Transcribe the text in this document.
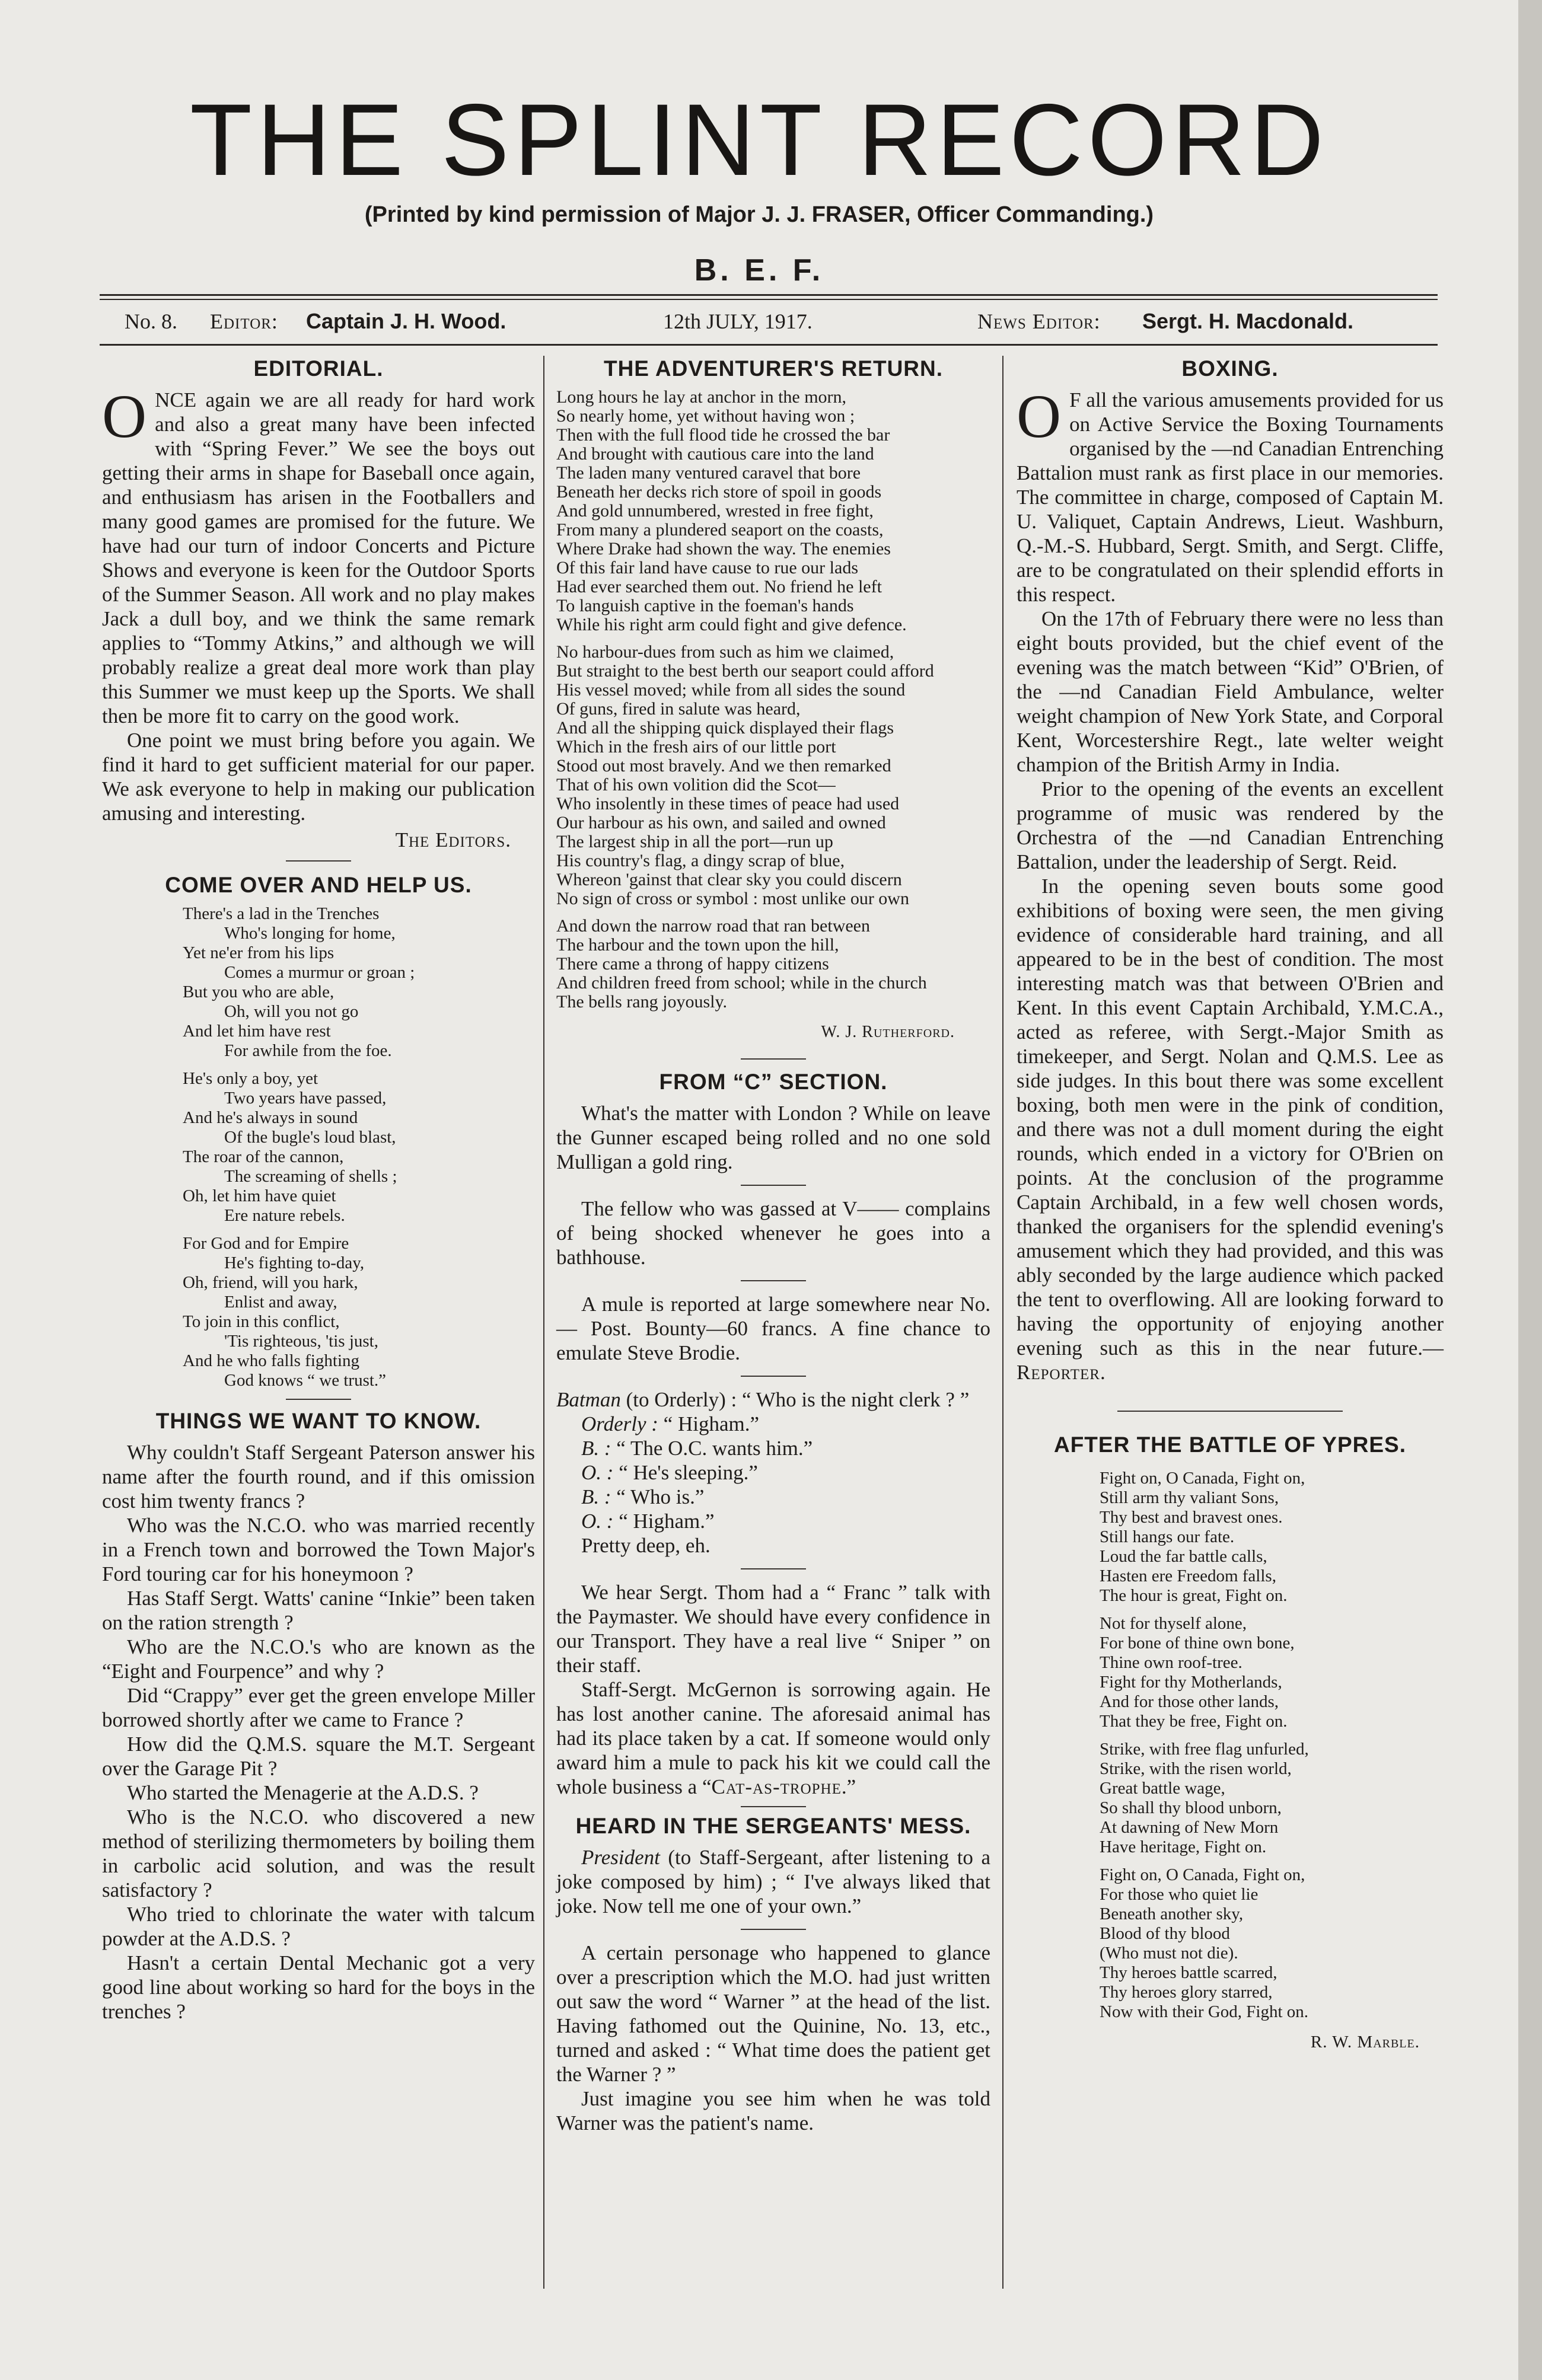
THE SPLINT RECORD
(Printed by kind permission of Major J. J. FRASER, Officer Commanding.)
B. E. F.
No. 8. Editor: Captain J. H. Wood.	12th JULY, 1917.	News Editor: Sergt. H. Macdonald.
EDITORIAL.

ONCE again we are all ready for hard work and also a great many have been infected with “Spring Fever.” We see the boys out getting their arms in shape for Baseball once again, and enthusiasm has arisen in the Footballers and many good games are promised for the future. We have had our turn of indoor Concerts and Picture Shows and everyone is keen for the Outdoor Sports of the Summer Season. All work and no play makes Jack a dull boy, and we think the same remark applies to “Tommy Atkins,” and although we will probably realize a great deal more work than play this Summer we must keep up the Sports. We shall then be more fit to carry on the good work.

One point we must bring before you again. We find it hard to get sufficient material for our paper. We ask everyone to help in making our publication amusing and interesting.

The Editors.
COME OVER AND HELP US.
There's a lad in the Trenches
Who's longing for home,
Yet ne'er from his lips
Comes a murmur or groan ;
But you who are able,
Oh, will you not go
And let him have rest
For awhile from the foe.
He's only a boy, yet
Two years have passed,
And he's always in sound
Of the bugle's loud blast,
The roar of the cannon,
The screaming of shells ;
Oh, let him have quiet
Ere nature rebels.
For God and for Empire
He's fighting to-day,
Oh, friend, will you hark,
Enlist and away,
To join in this conflict,
'Tis righteous, 'tis just,
And he who falls fighting
God knows “ we trust.”
THINGS WE WANT TO KNOW.

Why couldn't Staff Sergeant Paterson answer his name after the fourth round, and if this omission cost him twenty francs ?

Who was the N.C.O. who was married recently in a French town and borrowed the Town Major's Ford touring car for his honeymoon ?

Has Staff Sergt. Watts' canine “Inkie” been taken on the ration strength ?

Who are the N.C.O.'s who are known as the “Eight and Fourpence” and why ?

Did “Crappy” ever get the green envelope Miller borrowed shortly after we came to France ?

How did the Q.M.S. square the M.T. Sergeant over the Garage Pit ?

Who started the Menagerie at the A.D.S. ?

Who is the N.C.O. who discovered a new method of sterilizing thermometers by boiling them in carbolic acid solution, and was the result satisfactory ?

Who tried to chlorinate the water with talcum powder at the A.D.S. ?

Hasn't a certain Dental Mechanic got a very good line about working so hard for the boys in the trenches ?

THE ADVENTURER'S RETURN.
Long hours he lay at anchor in the morn,
So nearly home, yet without having won ;
Then with the full flood tide he crossed the bar
And brought with cautious care into the land
The laden many ventured caravel that bore
Beneath her decks rich store of spoil in goods
And gold unnumbered, wrested in free fight,
From many a plundered seaport on the coasts,
Where Drake had shown the way. The enemies
Of this fair land have cause to rue our lads
Had ever searched them out. No friend he left
To languish captive in the foeman's hands
While his right arm could fight and give defence.
No harbour-dues from such as him we claimed,
But straight to the best berth our seaport could afford
His vessel moved; while from all sides the sound
Of guns, fired in salute was heard,
And all the shipping quick displayed their flags
Which in the fresh airs of our little port
Stood out most bravely. And we then remarked
That of his own volition did the Scot—
Who insolently in these times of peace had used
Our harbour as his own, and sailed and owned
The largest ship in all the port—run up
His country's flag, a dingy scrap of blue,
Whereon 'gainst that clear sky you could discern
No sign of cross or symbol : most unlike our own
And down the narrow road that ran between
The harbour and the town upon the hill,
There came a throng of happy citizens
And children freed from school; while in the church
The bells rang joyously.
W. J. Rutherford.
FROM “C” SECTION.

What's the matter with London ? While on leave the Gunner escaped being rolled and no one sold Mulligan a gold ring.

The fellow who was gassed at V—— complains of being shocked whenever he goes into a bathhouse.

A mule is reported at large somewhere near No. — Post. Bounty—60 francs. A fine chance to emulate Steve Brodie.

Batman (to Orderly) : “ Who is the night clerk ? ”

Orderly : “ Higham.”

B. : “ The O.C. wants him.”

O. : “ He's sleeping.”

B. : “ Who is.”

O. : “ Higham.”

Pretty deep, eh.

We hear Sergt. Thom had a “ Franc ” talk with the Paymaster. We should have every confidence in our Transport. They have a real live “ Sniper ” on their staff.

Staff-Sergt. McGernon is sorrowing again. He has lost another canine. The aforesaid animal has had its place taken by a cat. If someone would only award him a mule to pack his kit we could call the whole business a “Cat-as-trophe.”

HEARD IN THE SERGEANTS' MESS.

President (to Staff-Sergeant, after listening to a joke composed by him) ; “ I've always liked that joke. Now tell me one of your own.”

A certain personage who happened to glance over a prescription which the M.O. had just written out saw the word “ Warner ” at the head of the list. Having fathomed out the Quinine, No. 13, etc., turned and asked : “ What time does the patient get the Warner ? ”

Just imagine you see him when he was told Warner was the patient's name.

BOXING.

O F all the various amusements provided for us on Active Service the Boxing Tournaments organised by the —nd Canadian Entrenching Battalion must rank as first place in our memories. The committee in charge, composed of Captain M. U. Valiquet, Captain Andrews, Lieut. Washburn, Q.-M.-S. Hubbard, Sergt. Smith, and Sergt. Cliffe, are to be congratulated on their splendid efforts in this respect.

On the 17th of February there were no less than eight bouts provided, but the chief event of the evening was the match between “Kid” O'Brien, of the —nd Canadian Field Ambulance, welter weight champion of New York State, and Corporal Kent, Worcestershire Regt., late welter weight champion of the British Army in India.

Prior to the opening of the events an excellent programme of music was rendered by the Orchestra of the —nd Canadian Entrenching Battalion, under the leadership of Sergt. Reid.

In the opening seven bouts some good exhibitions of boxing were seen, the men giving evidence of considerable hard training, and all appeared to be in the best of condition. The most interesting match was that between O'Brien and Kent. In this event Captain Archibald, Y.M.C.A., acted as referee, with Sergt.-Major Smith as timekeeper, and Sergt. Nolan and Q.M.S. Lee as side judges. In this bout there was some excellent boxing, both men were in the pink of condition, and there was not a dull moment during the eight rounds, which ended in a victory for O'Brien on points. At the conclusion of the programme Captain Archibald, in a few well chosen words, thanked the organisers for the splendid evening's amusement which they had provided, and this was ably seconded by the large audience which packed the tent to overflowing. All are looking forward to having the opportunity of enjoying another evening such as this in the near future.—Reporter.

AFTER THE BATTLE OF YPRES.
Fight on, O Canada, Fight on,
Still arm thy valiant Sons,
Thy best and bravest ones.
Still hangs our fate.
Loud the far battle calls,
Hasten ere Freedom falls,
The hour is great, Fight on.
Not for thyself alone,
For bone of thine own bone,
Thine own roof-tree.
Fight for thy Motherlands,
And for those other lands,
That they be free, Fight on.
Strike, with free flag unfurled,
Strike, with the risen world,
Great battle wage,
So shall thy blood unborn,
At dawning of New Morn
Have heritage, Fight on.
Fight on, O Canada, Fight on,
For those who quiet lie
Beneath another sky,
Blood of thy blood
(Who must not die).
Thy heroes battle scarred,
Thy heroes glory starred,
Now with their God, Fight on.
R. W. Marble.
